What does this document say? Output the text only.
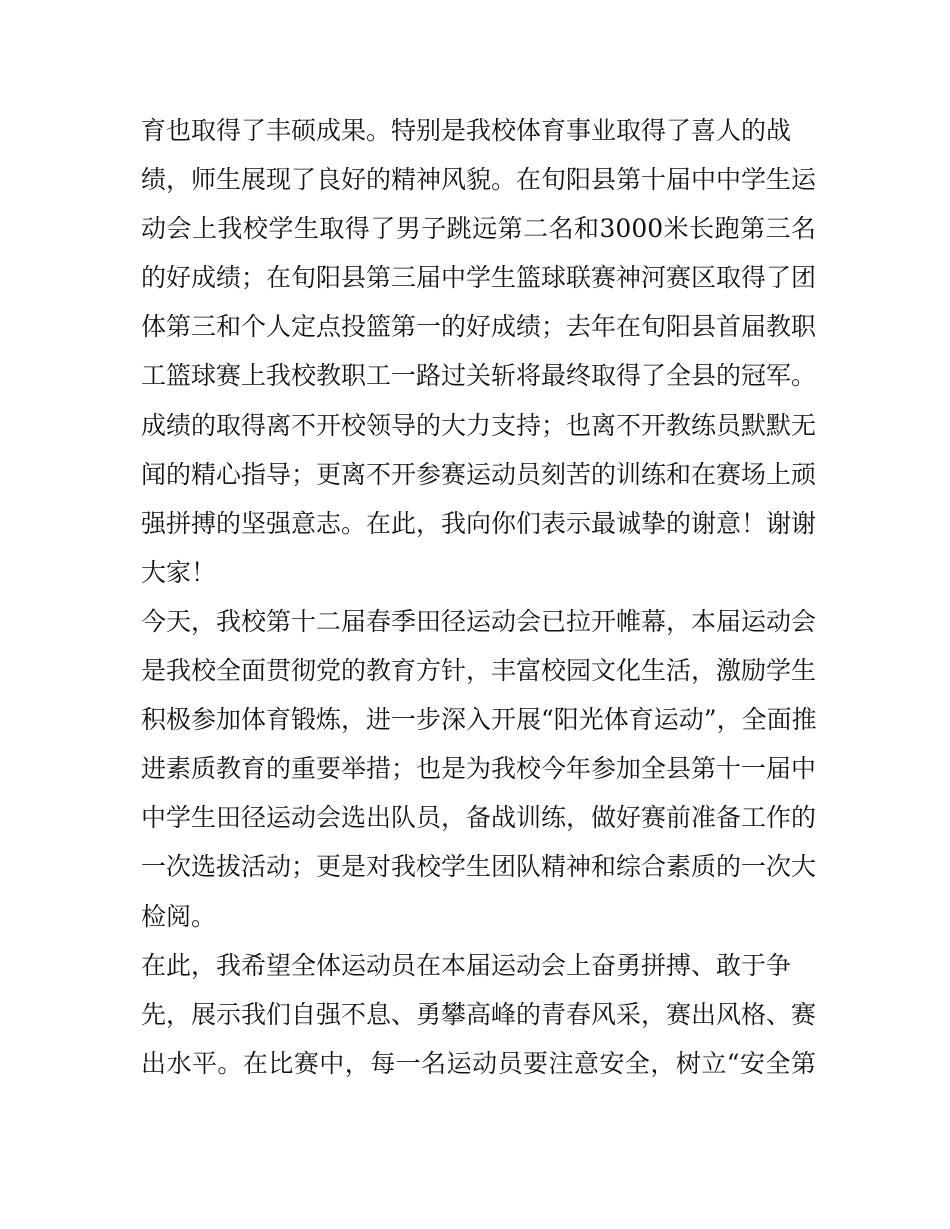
育也取得了丰硕成果。特别是我校体育事业取得了喜人的战
绩，师生展现了良好的精神风貌。在旬阳县第十届中中学生运
动会上我校学生取得了男子跳远第二名和3000米长跑第三名
的好成绩；在旬阳县第三届中学生篮球联赛神河赛区取得了团
体第三和个人定点投篮第一的好成绩；去年在旬阳县首届教职
工篮球赛上我校教职工一路过关斩将最终取得了全县的冠军。
成绩的取得离不开校领导的大力支持；也离不开教练员默默无
闻的精心指导；更离不开参赛运动员刻苦的训练和在赛场上顽
强拼搏的坚强意志。在此，我向你们表示最诚挚的谢意！谢谢
大家！
今天，我校第十二届春季田径运动会已拉开帷幕，本届运动会
是我校全面贯彻党的教育方针，丰富校园文化生活，激励学生
积极参加体育锻炼，进一步深入开展“阳光体育运动”，全面推
进素质教育的重要举措；也是为我校今年参加全县第十一届中
中学生田径运动会选出队员，备战训练，做好赛前准备工作的
一次选拔活动；更是对我校学生团队精神和综合素质的一次大
检阅。
在此，我希望全体运动员在本届运动会上奋勇拼搏、敢于争
先，展示我们自强不息、勇攀高峰的青春风采，赛出风格、赛
出水平。在比赛中，每一名运动员要注意安全，树立“安全第
